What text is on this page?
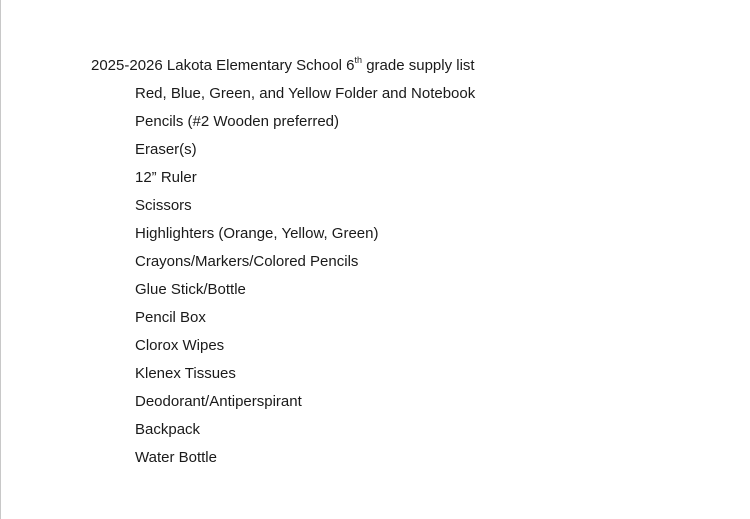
2025-2026 Lakota Elementary School 6th grade supply list
Red, Blue, Green, and Yellow Folder and Notebook
Pencils (#2 Wooden preferred)
Eraser(s)
12” Ruler
Scissors
Highlighters (Orange, Yellow, Green)
Crayons/Markers/Colored Pencils
Glue Stick/Bottle
Pencil Box
Clorox Wipes
Klenex Tissues
Deodorant/Antiperspirant
Backpack
Water Bottle
